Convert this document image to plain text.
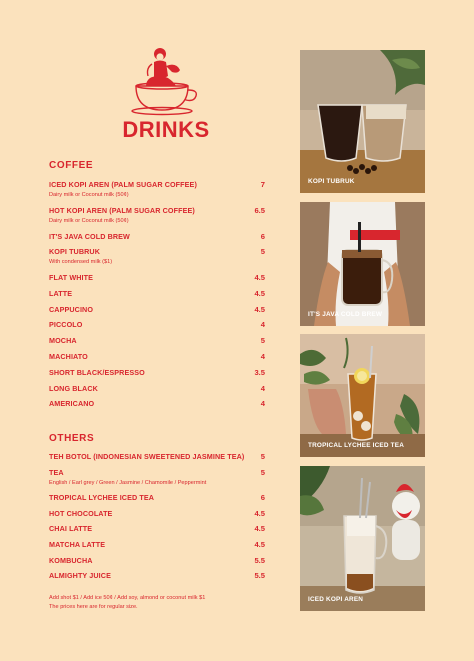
DRINKS
COFFEE
ICED KOPI AREN (PALM SUGAR COFFEE)	7
Dairy milk or Coconut milk (50¢)
HOT KOPI AREN (PALM SUGAR COFFEE)	6.5
Dairy milk or Coconut milk (50¢)
IT'S JAVA COLD BREW	6
KOPI TUBRUK	5
With condensed milk ($1)
FLAT WHITE	4.5
LATTE	4.5
CAPPUCINO	4.5
PICCOLO	4
MOCHA	5
MACHIATO	4
SHORT BLACK/ESPRESSO	3.5
LONG BLACK	4
AMERICANO	4
OTHERS
TEH BOTOL (INDONESIAN SWEETENED JASMINE TEA)	5
TEA	5
English / Earl grey / Green / Jasmine / Chamomile / Peppermint
TROPICAL LYCHEE ICED TEA	6
HOT CHOCOLATE	4.5
CHAI LATTE	4.5
MATCHA LATTE	4.5
KOMBUCHA	5.5
ALMIGHTY JUICE	5.5
Add shot $1 / Add ice 50¢ / Add soy, almond or coconut milk $1
The prices here are for regular size.
KOPI TUBRUK
IT'S JAVA COLD BREW
TROPICAL LYCHEE ICED TEA
ICED KOPI AREN
